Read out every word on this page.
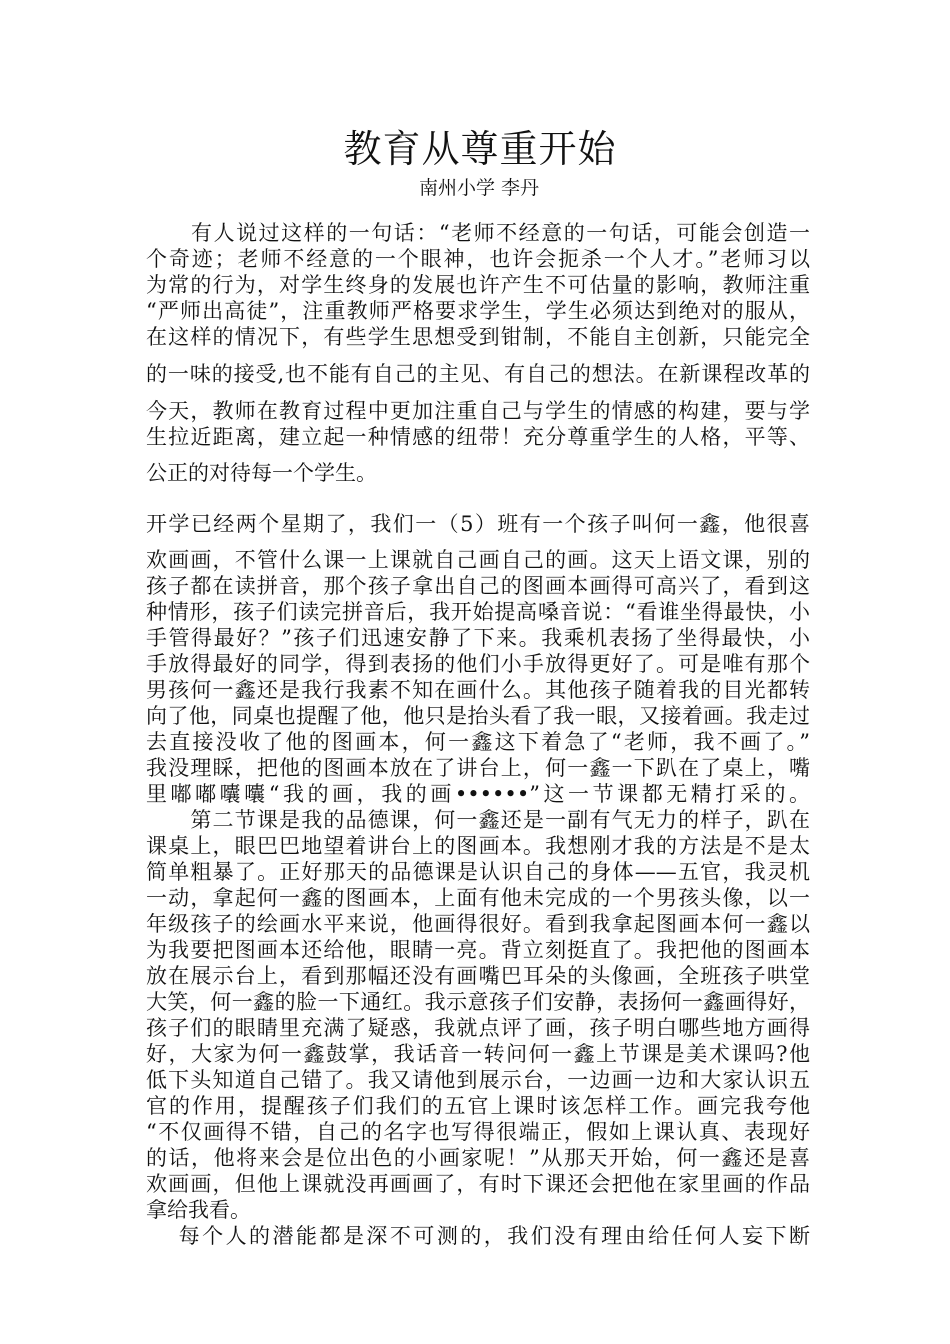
教育从尊重开始
南州小学 李丹
　　有人说过这样的一句话：“老师不经意的一句话，可能会创造一
个奇迹；老师不经意的一个眼神，也许会扼杀一个人才。”老师习以
为常的行为，对学生终身的发展也许产生不可估量的影响，教师注重
“严师出高徒”，注重教师严格要求学生，学生必须达到绝对的服从，
在这样的情况下，有些学生思想受到钳制，不能自主创新，只能完全
的一味的接受,也不能有自己的主见、有自己的想法。在新课程改革的
今天，教师在教育过程中更加注重自己与学生的情感的构建，要与学
生拉近距离，建立起一种情感的纽带！充分尊重学生的人格，平等、
公正的对待每一个学生。
开学已经两个星期了，我们一（5）班有一个孩子叫何一鑫，他很喜
欢画画，不管什么课一上课就自己画自己的画。这天上语文课，别的
孩子都在读拼音，那个孩子拿出自己的图画本画得可高兴了，看到这
种情形，孩子们读完拼音后，我开始提高嗓音说：“看谁坐得最快，小
手管得最好？”孩子们迅速安静了下来。我乘机表扬了坐得最快，小
手放得最好的同学，得到表扬的他们小手放得更好了。可是唯有那个
男孩何一鑫还是我行我素不知在画什么。其他孩子随着我的目光都转
向了他，同桌也提醒了他，他只是抬头看了我一眼，又接着画。我走过
去直接没收了他的图画本，何一鑫这下着急了“老师，我不画了。”
我没理睬，把他的图画本放在了讲台上，何一鑫一下趴在了桌上，嘴
里嘟嘟囔囔“我的画，我的画••••••”这一节课都无精打采的。
　　第二节课是我的品德课，何一鑫还是一副有气无力的样子，趴在
课桌上，眼巴巴地望着讲台上的图画本。我想刚才我的方法是不是太
简单粗暴了。正好那天的品德课是认识自己的身体——五官，我灵机
一动，拿起何一鑫的图画本，上面有他未完成的一个男孩头像，以一
年级孩子的绘画水平来说，他画得很好。看到我拿起图画本何一鑫以
为我要把图画本还给他，眼睛一亮。背立刻挺直了。我把他的图画本
放在展示台上，看到那幅还没有画嘴巴耳朵的头像画，全班孩子哄堂
大笑，何一鑫的脸一下通红。我示意孩子们安静，表扬何一鑫画得好，
孩子们的眼睛里充满了疑惑，我就点评了画，孩子明白哪些地方画得
好，大家为何一鑫鼓掌，我话音一转问何一鑫上节课是美术课吗?他
低下头知道自己错了。我又请他到展示台，一边画一边和大家认识五
官的作用，提醒孩子们我们的五官上课时该怎样工作。画完我夸他
“不仅画得不错，自己的名字也写得很端正，假如上课认真、表现好
的话，他将来会是位出色的小画家呢！”从那天开始，何一鑫还是喜
欢画画，但他上课就没再画画了，有时下课还会把他在家里画的作品
拿给我看。
　 每个人的潜能都是深不可测的，我们没有理由给任何人妄下断
